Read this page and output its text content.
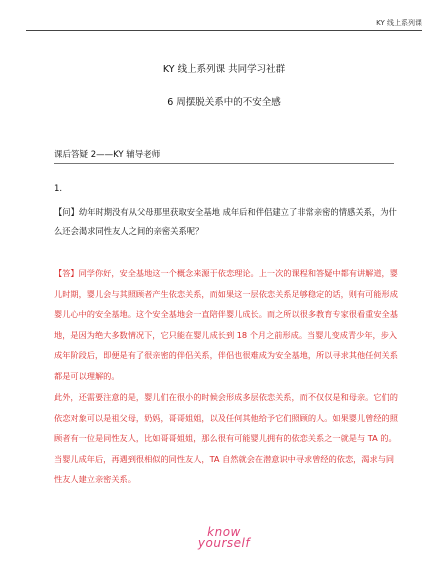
KY 线上系列课
KY 线上系列课 共同学习社群
6 周摆脱关系中的不安全感
课后答疑 2——KY 辅导老师
1.
【问】幼年时期没有从父母那里获取安全基地 成年后和伴侣建立了非常亲密的情感关系，为什么还会渴求同性友人之间的亲密关系呢？
【答】同学你好，安全基地这一个概念来源于依恋理论。上一次的课程和答疑中都有讲解道，婴儿时期，婴儿会与其照顾者产生依恋关系，而如果这一层依恋关系足够稳定的话，则有可能形成婴儿心中的安全基地。这个安全基地会一直陪伴婴儿成长。而之所以很多教育专家很看重安全基地，是因为绝大多数情况下，它只能在婴儿成长到 18 个月之前形成。当婴儿变成青少年，步入成年阶段后，即便是有了很亲密的伴侣关系，伴侣也很难成为安全基地，所以寻求其他任何关系都是可以理解的。
此外，还需要注意的是，婴儿们在很小的时候会形成多层依恋关系，而不仅仅是和母亲。它们的依恋对象可以是祖父母，奶妈，哥哥姐姐，以及任何其他给予它们照顾的人。如果婴儿曾经的照顾者有一位是同性友人，比如哥哥姐姐，那么很有可能婴儿拥有的依恋关系之一就是与 TA 的。当婴儿成年后，再遇到很相似的同性友人，TA 自然就会在潜意识中寻求曾经的依恋，渴求与同性友人建立亲密关系。
know
yourself
